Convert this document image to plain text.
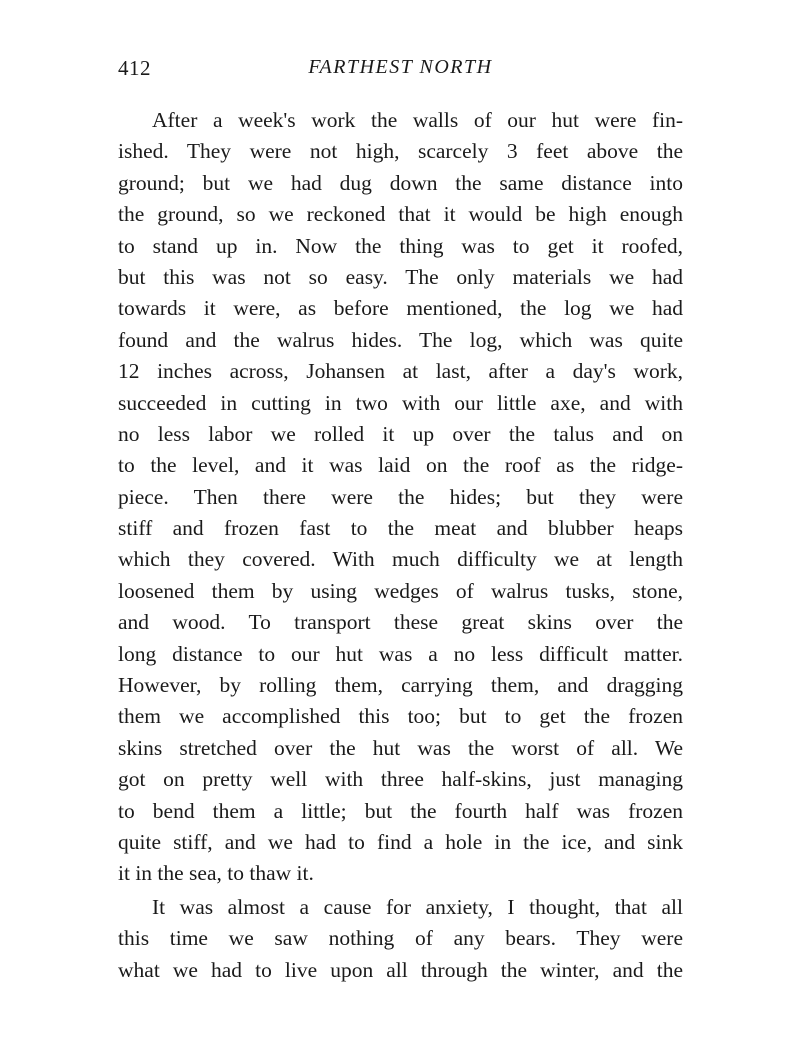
412	FARTHEST NORTH
After a week's work the walls of our hut were fin-
ished. They were not high, scarcely 3 feet above the
ground; but we had dug down the same distance into
the ground, so we reckoned that it would be high enough
to stand up in. Now the thing was to get it roofed,
but this was not so easy. The only materials we had
towards it were, as before mentioned, the log we had
found and the walrus hides. The log, which was quite
12 inches across, Johansen at last, after a day's work,
succeeded in cutting in two with our little axe, and with
no less labor we rolled it up over the talus and on
to the level, and it was laid on the roof as the ridge-
piece. Then there were the hides; but they were
stiff and frozen fast to the meat and blubber heaps
which they covered. With much difficulty we at length
loosened them by using wedges of walrus tusks, stone,
and wood. To transport these great skins over the
long distance to our hut was a no less difficult matter.
However, by rolling them, carrying them, and dragging
them we accomplished this too; but to get the frozen
skins stretched over the hut was the worst of all. We
got on pretty well with three half-skins, just managing
to bend them a little; but the fourth half was frozen
quite stiff, and we had to find a hole in the ice, and sink
it in the sea, to thaw it.
It was almost a cause for anxiety, I thought, that all
this time we saw nothing of any bears. They were
what we had to live upon all through the winter, and the
